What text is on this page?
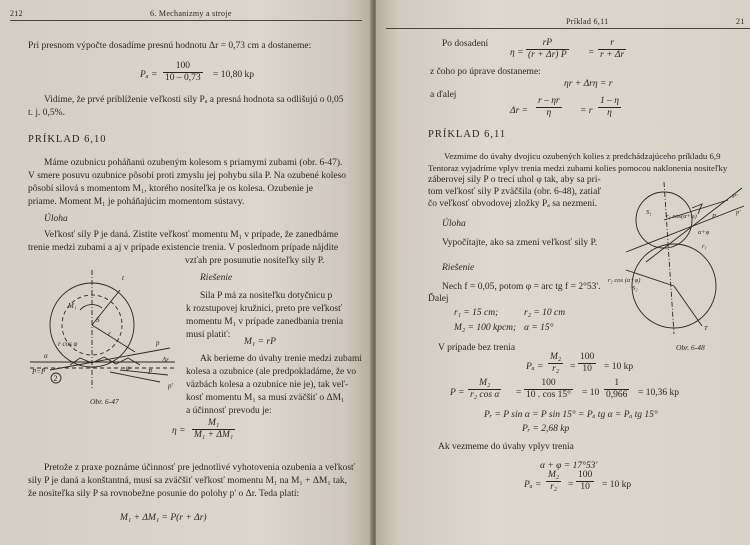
212	6. Mechanizmy a stroje
Pri presnom výpočte dosadíme presnú hodnotu Δr = 0,73 cm a dostaneme:
$P_a = \frac{100}{10 - 0,73} = 10,80$ kp
Vidíme, že prvé priblíženie veľkosti sily Pₐ a presná hodnota sa odlišujú o 0,05
t. j. 0,5%.
PRÍKLAD 6,10
Máme ozubnicu poháňanú ozubeným kolesom s priamymi zubami (obr. 6-47).
V smere posuvu ozubnice pôsobí proti zmyslu jej pohybu sila P. Na ozubené koleso
pôsobí silová s momentom M₁, ktorého nositeľka je os kolesa. Ozubenie je
priame. Moment M₁ je poháňajúcim momentom sústavy.
Úloha
Veľkosť sily P je daná. Zistite veľkosť momentu M₁ v prípade, že zanedbáme
trenie medzi zubami a aj v prípade existencie trenia. V poslednom prípade nájdite
vzťah pre posunutie nositeľky sily P.
2
t
M₁
S
r
r cos φ	p
Δr
α
P
P=P̄
p'
φ
Obr. 6-47
Riešenie
Sila P má za nositeľku dotyčnicu p
k rozstupovej kružnici, preto pre veľkosť
momentu M₁ v prípade zanedbania trenia
musí platiť:
M₁ = rP
Ak berieme do úvahy trenie medzi zubami
kolesa a ozubnice (ale predpokladáme, že vo
väzbách kolesa a ozubnice nie je), tak veľ-
kosť momentu M₁ sa musí zväčšiť o ΔM₁
a účinnosť prevodu je:
$\eta = \frac{\text{M₁}}{\text{M₁ + ΔM₁}}$
Pretože z praxe poznáme účinnosť pre jednotlivé vyhotovenia ozubenia a veľkosť
sily P je daná a konštantná, musí sa zväčšiť veľkosť momentu M₁ na M₁ + ΔM₁ tak,
že nositeľka sily P sa rovnobežne posunie do polohy p' o Δr. Teda platí:
M₁ + ΔM₁ = P(r + Δr)
Príklad 6,11	21
Po dosadení
$\eta = \frac{rP}{(r + \Delta r) P} = \frac{r}{r + \Delta r}$
z čoho po úprave dostaneme:
ηr + Δrη = r
a ďalej
$\Delta r = \frac{r - \eta r}{\eta} = r \frac{1 - \eta}{\eta}$
PRÍKLAD 6,11
Vezmime do úvahy dvojicu ozubených kolies z predchádzajúceho príkladu 6,9
Tentoraz vyjadríme vplyv trenia medzi zubami kolies pomocou naklonenia nositeľky
záberovej sily P o trecí uhol φ tak, aby sa pri-
tom veľkosť sily P zväčšila (obr. 6-48), zatiaľ
čo veľkosť obvodovej zložky Pₐ sa nezmení.
Úloha
Vypočítajte, ako sa zmení veľkosť sily P.
Riešenie
Nech f = 0,05, potom φ = arc tg f = 2°53'.
Ďalej
r₁ = 15 cm;	r₂ = 10 cm
M₂ = 100 kpcm; α = 15°
V prípade bez trenia
$P_a = \frac{\text{M₂}}{\text{r₂}} = \frac{100}{10} = 10$ kp
$P = \frac{\text{M₂}}{\text{r₂ cos α}} = \frac{100}{10 . \cos 15^\circ} = 10 \frac{1}{0,966} = 10,36$ kp
Pᵣ = P sin α = P sin 15° = Pₐ tg α = Pₐ tg 15°
Pᵣ = 2,68 kp
Ak vezmeme do úvahy vplyv trenia
α + φ = 17°53'
$P_a = \frac{\text{M₂}}{\text{r₂}} = \frac{100}{10} = 10$ kp
S₁
r₁ cos(α+φ)
α+φ
P
P'
r₁
S₂
r₂ cos (α+φ)
T
p'
Obr. 6-48
